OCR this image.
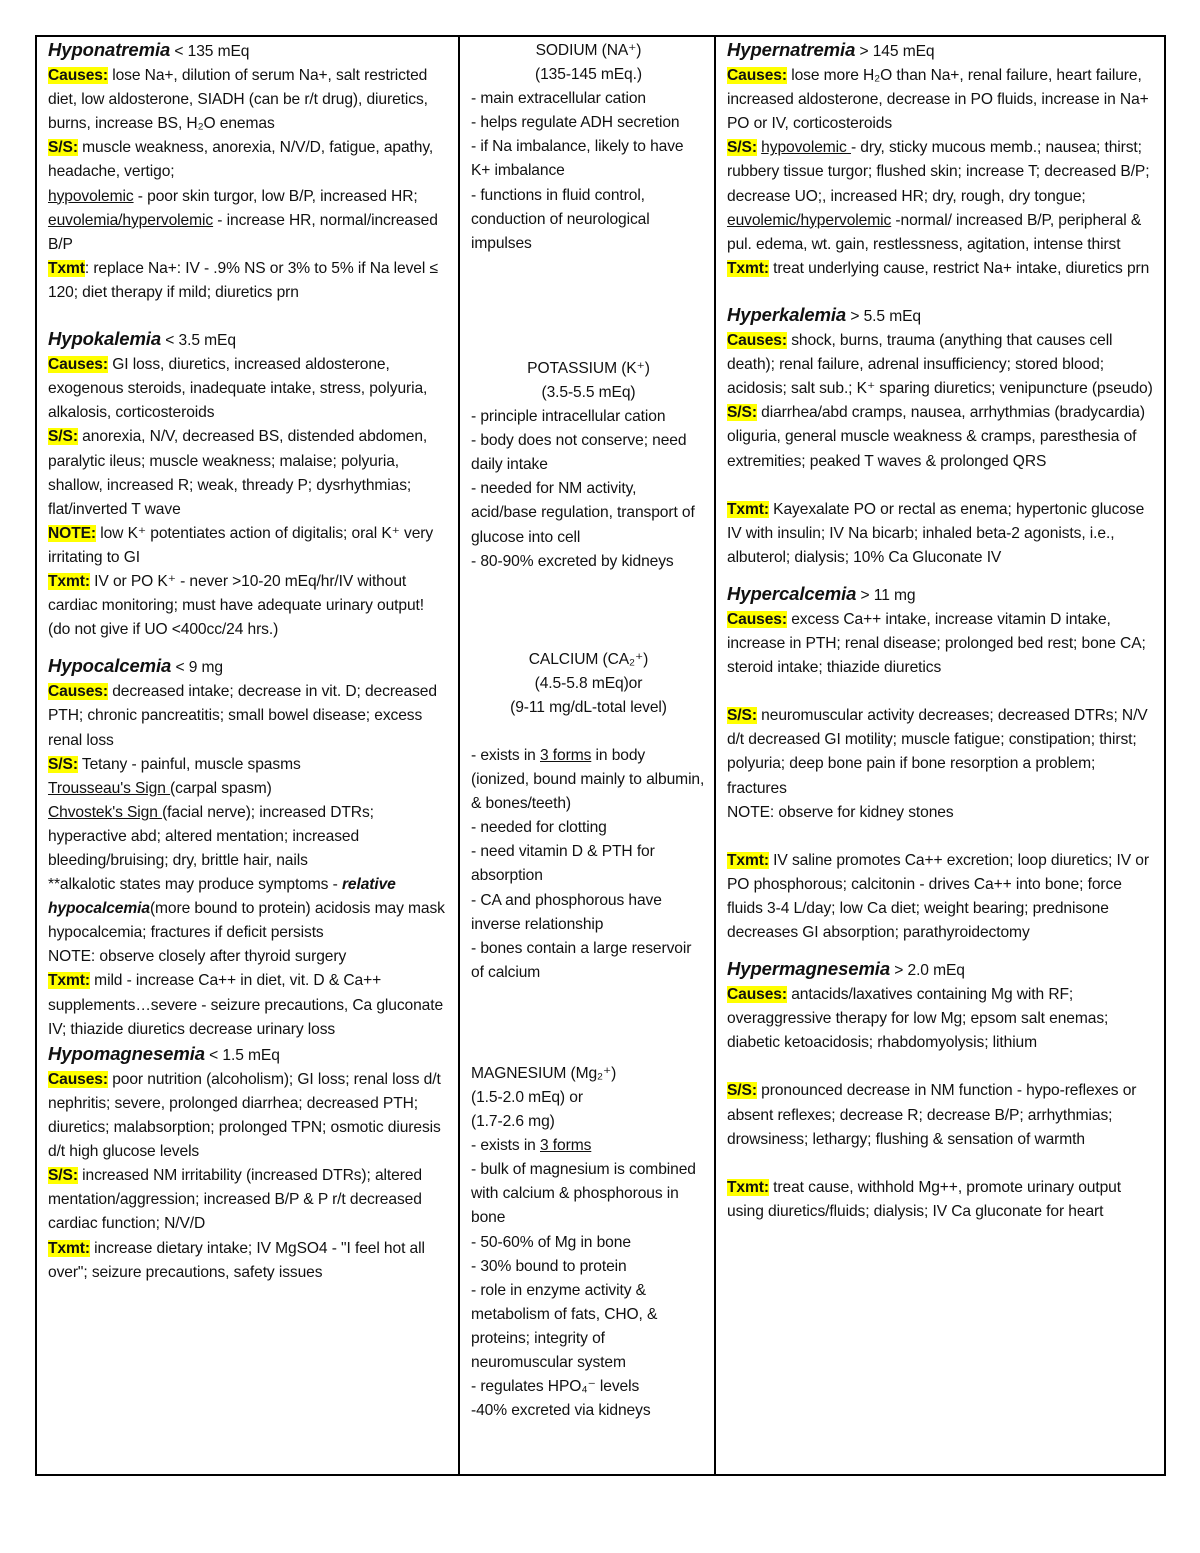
Hyponatremia < 135 mEq
Causes: lose Na+, dilution of serum Na+, salt restricted diet, low aldosterone, SIADH (can be r/t drug), diuretics, burns, increase BS, H₂O enemas
S/S: muscle weakness, anorexia, N/V/D, fatigue, apathy, headache, vertigo;
hypovolemic - poor skin turgor, low B/P, increased HR; euvolemia/hypervolemic - increase HR, normal/increased B/P
Txmt: replace Na+: IV - .9% NS or 3% to 5% if Na level ≤ 120; diet therapy if mild; diuretics prn
Hypokalemia < 3.5 mEq
Causes: GI loss, diuretics, increased aldosterone, exogenous steroids, inadequate intake, stress, polyuria, alkalosis, corticosteroids
S/S: anorexia, N/V, decreased BS, distended abdomen, paralytic ileus; muscle weakness; malaise; polyuria, shallow, increased R; weak, thready P; dysrhythmias; flat/inverted T wave
NOTE: low K⁺ potentiates action of digitalis; oral K⁺ very irritating to GI
Txmt: IV or PO K⁺ - never >10-20 mEq/hr/IV without cardiac monitoring; must have adequate urinary output! (do not give if UO <400cc/24 hrs.)
Hypocalcemia < 9 mg
Causes: decreased intake; decrease in vit. D; decreased PTH; chronic pancreatitis; small bowel disease; excess renal loss
S/S: Tetany - painful, muscle spasms
Trousseau's Sign (carpal spasm)
Chvostek's Sign (facial nerve); increased DTRs; hyperactive abd; altered mentation; increased bleeding/bruising; dry, brittle hair, nails
**alkalotic states may produce symptoms - relative hypocalcemia(more bound to protein) acidosis may mask hypocalcemia; fractures if deficit persists
NOTE: observe closely after thyroid surgery
Txmt: mild - increase Ca++ in diet, vit. D & Ca++ supplements…severe - seizure precautions, Ca gluconate IV; thiazide diuretics decrease urinary loss
Hypomagnesemia < 1.5 mEq
Causes: poor nutrition (alcoholism); GI loss; renal loss d/t nephritis; severe, prolonged diarrhea; decreased PTH; diuretics; malabsorption; prolonged TPN; osmotic diuresis d/t high glucose levels
S/S: increased NM irritability (increased DTRs); altered mentation/aggression; increased B/P & P r/t decreased cardiac function; N/V/D
Txmt: increase dietary intake; IV MgSO4 - "I feel hot all over"; seizure precautions, safety issues
SODIUM (NA⁺)
(135-145 mEq.)
- main extracellular cation
- helps regulate ADH secretion
- if Na imbalance, likely to have K+ imbalance
- functions in fluid control, conduction of neurological impulses
POTASSIUM (K⁺)
(3.5-5.5 mEq)
- principle intracellular cation
- body does not conserve; need daily intake
- needed for NM activity, acid/base regulation, transport of glucose into cell
- 80-90% excreted by kidneys
CALCIUM (CA₂⁺)
(4.5-5.8 mEq)or
(9-11 mg/dL-total level)
- exists in 3 forms in body (ionized, bound mainly to albumin, & bones/teeth)
- needed for clotting
- need vitamin D & PTH for absorption
- CA and phosphorous have inverse relationship
- bones contain a large reservoir of calcium
MAGNESIUM (Mg₂⁺)
(1.5-2.0 mEq) or
(1.7-2.6 mg)
- exists in 3 forms
- bulk of magnesium is combined with calcium & phosphorous in bone
- 50-60% of Mg in bone
- 30% bound to protein
- role in enzyme activity & metabolism of fats, CHO, & proteins; integrity of neuromuscular system
- regulates HPO₄⁻ levels
-40% excreted via kidneys
Hypernatremia > 145 mEq
Causes: lose more H₂O than Na+, renal failure, heart failure, increased aldosterone, decrease in PO fluids, increase in Na+ PO or IV, corticosteroids
S/S: hypovolemic - dry, sticky mucous memb.; nausea; thirst; rubbery tissue turgor; flushed skin; increase T; decreased B/P; decrease UO;, increased HR; dry, rough, dry tongue; euvolemic/hypervolemic -normal/ increased B/P, peripheral & pul. edema, wt. gain, restlessness, agitation, intense thirst
Txmt: treat underlying cause, restrict Na+ intake, diuretics prn
Hyperkalemia > 5.5 mEq
Causes: shock, burns, trauma (anything that causes cell death); renal failure, adrenal insufficiency; stored blood; acidosis; salt sub.; K⁺ sparing diuretics; venipuncture (pseudo)
S/S: diarrhea/abd cramps, nausea, arrhythmias (bradycardia) oliguria, general muscle weakness & cramps, paresthesia of extremities; peaked T waves & prolonged QRS
Txmt: Kayexalate PO or rectal as enema; hypertonic glucose IV with insulin; IV Na bicarb; inhaled beta-2 agonists, i.e., albuterol; dialysis; 10% Ca Gluconate IV
Hypercalcemia > 11 mg
Causes: excess Ca++ intake, increase vitamin D intake, increase in PTH; renal disease; prolonged bed rest; bone CA; steroid intake; thiazide diuretics
S/S: neuromuscular activity decreases; decreased DTRs; N/V d/t decreased GI motility; muscle fatigue; constipation; thirst; polyuria; deep bone pain if bone resorption a problem; fractures
NOTE: observe for kidney stones
Txmt: IV saline promotes Ca++ excretion; loop diuretics; IV or PO phosphorous; calcitonin - drives Ca++ into bone; force fluids 3-4 L/day; low Ca diet; weight bearing; prednisone decreases GI absorption; parathyroidectomy
Hypermagnesemia > 2.0 mEq
Causes: antacids/laxatives containing Mg with RF; overaggressive therapy for low Mg; epsom salt enemas; diabetic ketoacidosis; rhabdomyolysis; lithium
S/S: pronounced decrease in NM function - hypo-reflexes or absent reflexes; decrease R; decrease B/P; arrhythmias; drowsiness; lethargy; flushing & sensation of warmth
Txmt: treat cause, withhold Mg++, promote urinary output using diuretics/fluids; dialysis; IV Ca gluconate for heart
